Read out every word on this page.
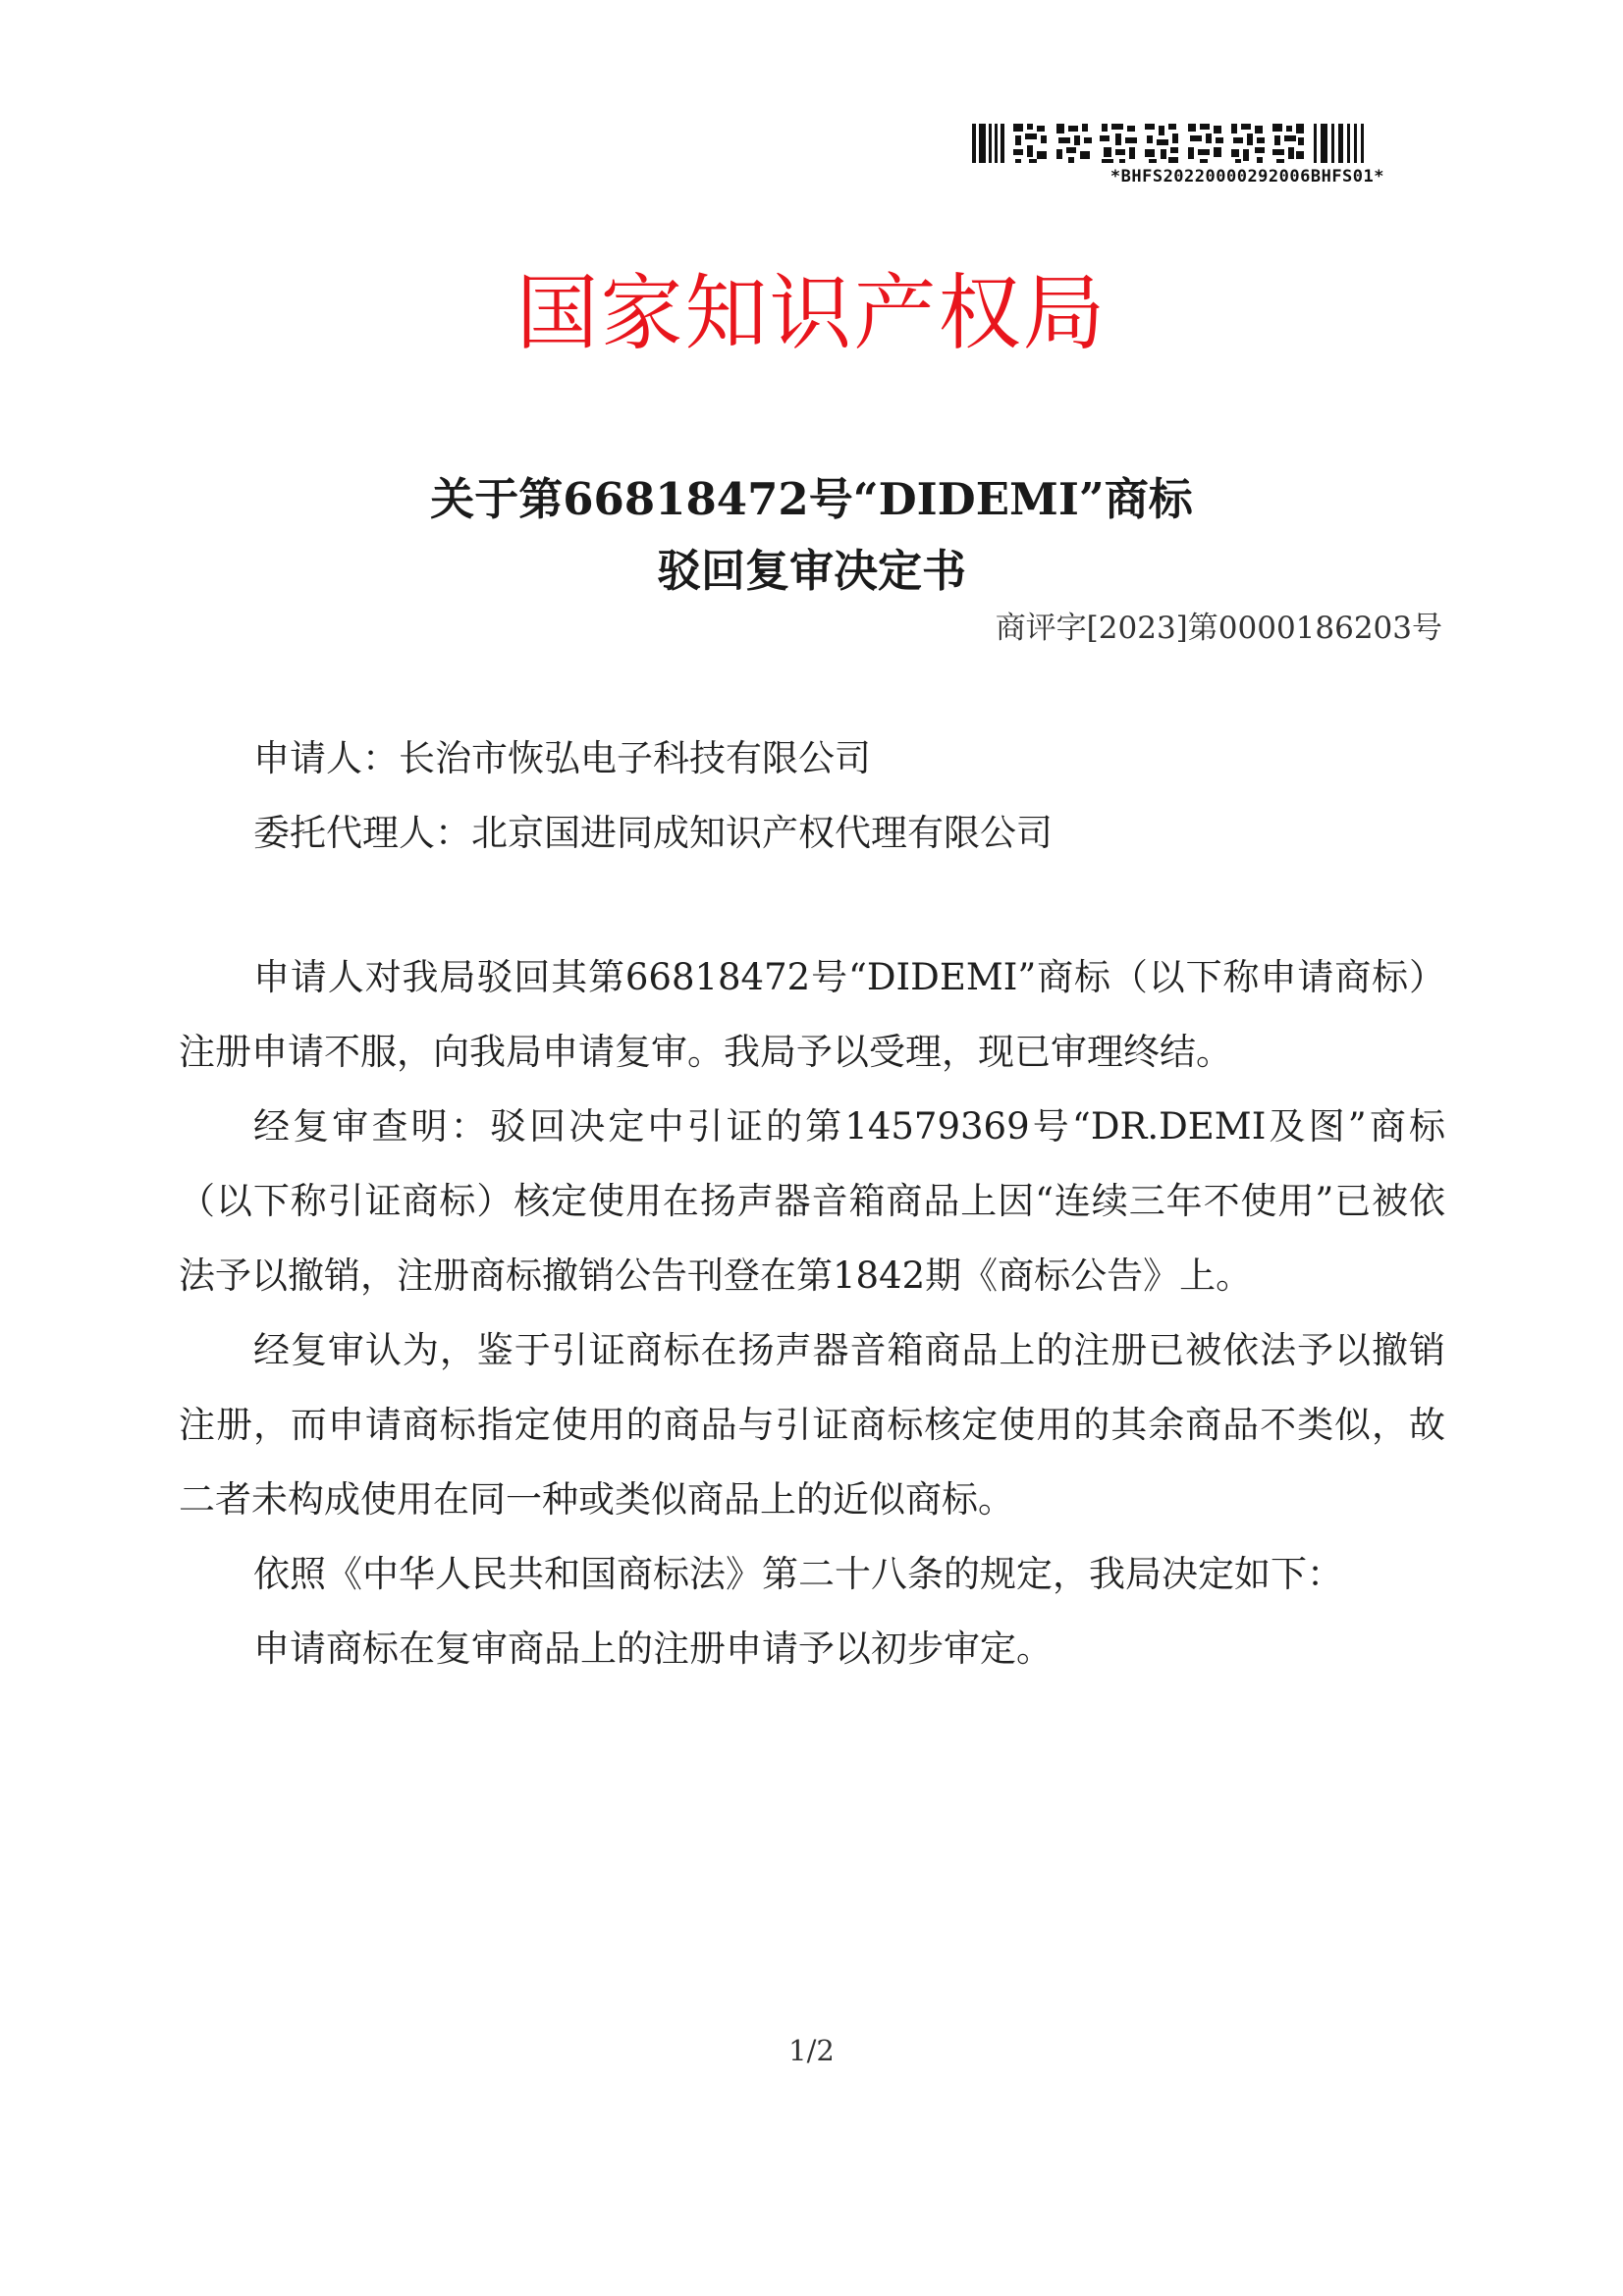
*BHFS20220000292006BHFS01*
国家知识产权局
关于第66818472号“DIDEMI”商标
驳回复审决定书
商评字[2023]第0000186203号
申请人：长治市恢弘电子科技有限公司
委托代理人：北京国进同成知识产权代理有限公司
申请人对我局驳回其第66818472号“DIDEMI”商标（以下称申请商标）注册申请不服，向我局申请复审。我局予以受理，现已审理终结。
经复审查明：驳回决定中引证的第14579369号“DR.DEMI及图”商标（以下称引证商标）核定使用在扬声器音箱商品上因“连续三年不使用”已被依法予以撤销，注册商标撤销公告刊登在第1842期《商标公告》上。
经复审认为，鉴于引证商标在扬声器音箱商品上的注册已被依法予以撤销注册，而申请商标指定使用的商品与引证商标核定使用的其余商品不类似，故二者未构成使用在同一种或类似商品上的近似商标。
依照《中华人民共和国商标法》第二十八条的规定，我局决定如下：
申请商标在复审商品上的注册申请予以初步审定。
1/2
